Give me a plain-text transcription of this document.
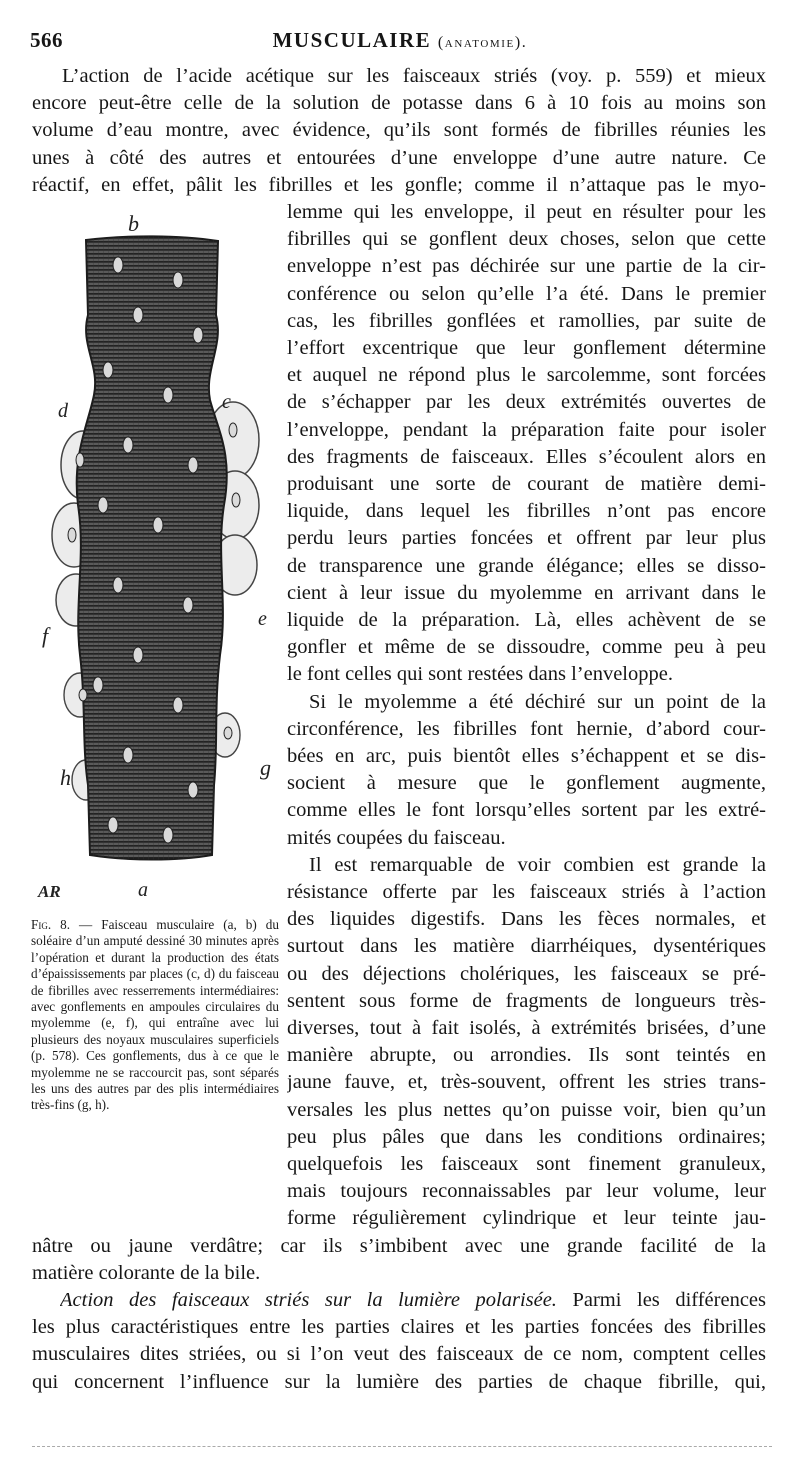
566	MUSCULAIRE (anatomie).

L’action de l’acide acétique sur les faisceaux striés (voy. p. 559) et mieux

encore peut-être celle de la solution de potasse dans 6 à 10 fois au moins son

volume d’eau montre, avec évidence, qu’ils sont formés de fibrilles réunies les

unes à côté des autres et entourées d’une enveloppe d’une autre nature. Ce

réactif, en effet, pâlit les fibrilles et les gonfle; comme il n’attaque pas le myo-

lemme qui les enveloppe, il peut en résulter pour les

fibrilles qui se gonflent deux choses, selon que cette

enveloppe n’est pas déchirée sur une partie de la cir-

conférence ou selon qu’elle l’a été. Dans le premier

cas, les fibrilles gonflées et ramollies, par suite de

l’effort excentrique que leur gonflement détermine

et auquel ne répond plus le sarcolemme, sont forcées

de s’échapper par les deux extrémités ouvertes de

l’enveloppe, pendant la préparation faite pour isoler

des fragments de faisceaux. Elles s’écoulent alors en

produisant une sorte de courant de matière demi-

liquide, dans lequel les fibrilles n’ont pas encore

perdu leurs parties foncées et offrent par leur plus

de transparence une grande élégance; elles se disso-

cient à leur issue du myolemme en arrivant dans le

liquide de la préparation. Là, elles achèvent de se

gonfler et même de se dissoudre, comme peu à peu

le font celles qui sont restées dans l’enveloppe.

Si le myolemme a été déchiré sur un point de la

circonférence, les fibrilles font hernie, d’abord cour-

bées en arc, puis bientôt elles s’échappent et se dis-

socient à mesure que le gonflement augmente,

comme elles le font lorsqu’elles sortent par les extré-

mités coupées du faisceau.

Il est remarquable de voir combien est grande la

résistance offerte par les faisceaux striés à l’action

des liquides digestifs. Dans les fèces normales, et

surtout dans les matière diarrhéiques, dysentériques

ou des déjections cholériques, les faisceaux se pré-

sentent sous forme de fragments de longueurs très-

diverses, tout à fait isolés, à extrémités brisées, d’une

manière abrupte, ou arrondies. Ils sont teintés en

jaune fauve, et, très-souvent, offrent les stries trans-

versales les plus nettes qu’on puisse voir, bien qu’un

peu plus pâles que dans les conditions ordinaires;

quelquefois les faisceaux sont finement granuleux,

mais toujours reconnaissables par leur volume, leur

forme régulièrement cylindrique et leur teinte jau-

nâtre ou jaune verdâtre; car ils s’imbibent avec une grande facilité de la

matière colorante de la bile.

Action des faisceaux striés sur la lumière polarisée. Parmi les différences

les plus caractéristiques entre les parties claires et les parties foncées des fibrilles

musculaires dites striées, ou si l’on veut des faisceaux de ce nom, comptent celles

qui concernent l’influence sur la lumière des parties de chaque fibrille, qui,

b
a
c
d
e
f
g
h
AR
Fig. 8. — Faisceau musculaire (a, b) du soléaire d’un amputé dessiné 30 minutes après l’opération et durant la production des états d’épaississements par places (c, d) du faisceau de fibrilles avec resserrements intermédiaires: avec gonflements en ampoules circulaires du myolemme (e, f), qui entraîne avec lui plusieurs des noyaux musculaires superficiels (p. 578). Ces gonflements, dus à ce que le myolemme ne se raccourcit pas, sont séparés les uns des autres par des plis intermédiaires très-fins (g, h).
